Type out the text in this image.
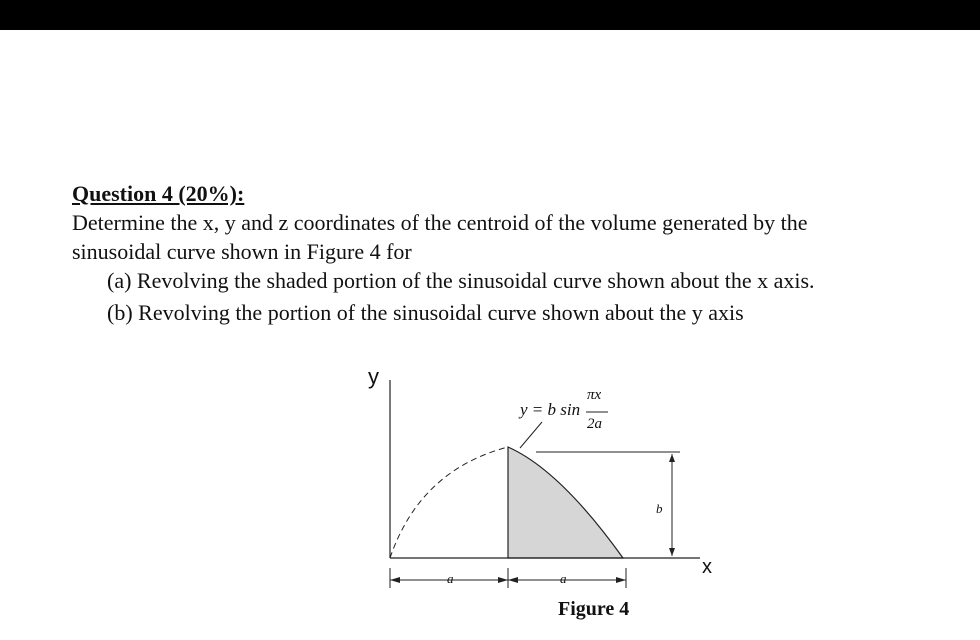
Question 4 (20%):
Determine the x, y and z coordinates of the centroid of the volume generated by the
sinusoidal curve shown in Figure 4 for
(a) Revolving the shaded portion of the sinusoidal curve shown about the x axis.
(b) Revolving the portion of the sinusoidal curve shown about the y axis
y
x
b
a	a
y = b sin
πx
2a
Figure 4
